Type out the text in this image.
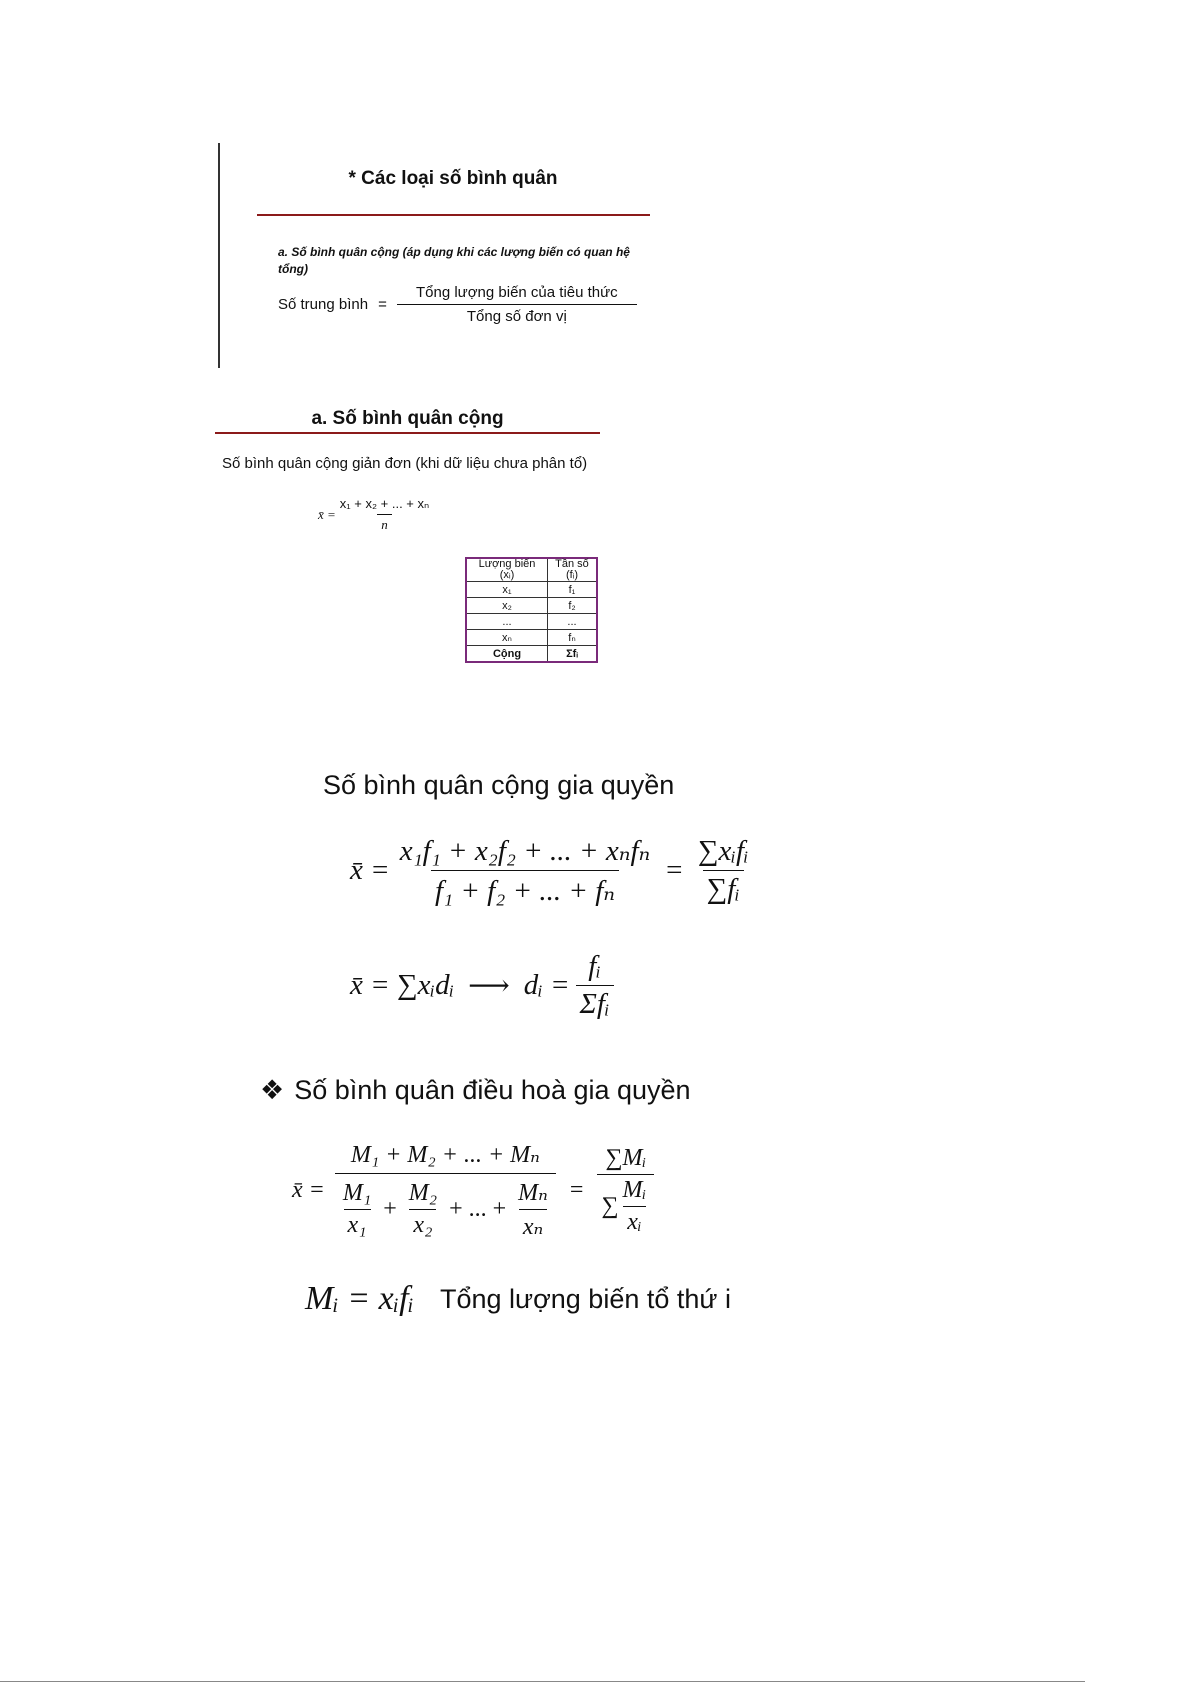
* Các loại số bình quân
a. Số bình quân cộng (áp dụng khi các lượng biến có quan hệ tổng)
Số trung bình = $\frac{\text{Tổng lượng biến của tiêu thức}}{\text{Tổng số đơn vị}}$
a. Số bình quân cộng
Số bình quân cộng giản đơn (khi dữ liệu chưa phân tổ)
x̄ = $\frac{\text{x₁ + x₂ + ... + xₙ}}{n}$
Lượng biến (xᵢ)	Tần số (fᵢ)
x₁	f₁
x₂	f₂
...	...
xₙ	fₙ
Cộng	Σfᵢ
Số bình quân cộng gia quyền
x̄ = $\frac{\text{x₁f₁ + x₂f₂ + ... + xₙfₙ}}{\text{f₁ + f₂ + ... + fₙ}} = \frac{\text{∑xᵢfᵢ}}{\text{∑fᵢ}}$
x̄ = ∑xᵢdᵢ ⟶ dᵢ = $\frac{\text{fᵢ}}{\text{Σfᵢ}}$
❖ Số bình quân điều hoà gia quyền
x̄ =
M₁ + M₂ + ... + Mₙ
$\frac{\text{M₁}}{\text{x₁}} + \frac{\text{M₂}}{\text{x₂}}$ + ... + $\frac{\text{Mₙ}}{\text{xₙ}} = \frac{\text{∑Mᵢ}}{\sum \frac{\text{Mᵢ}}{\text{xᵢ}}}$
Mᵢ = xᵢfᵢ Tổng lượng biến tổ thứ i
